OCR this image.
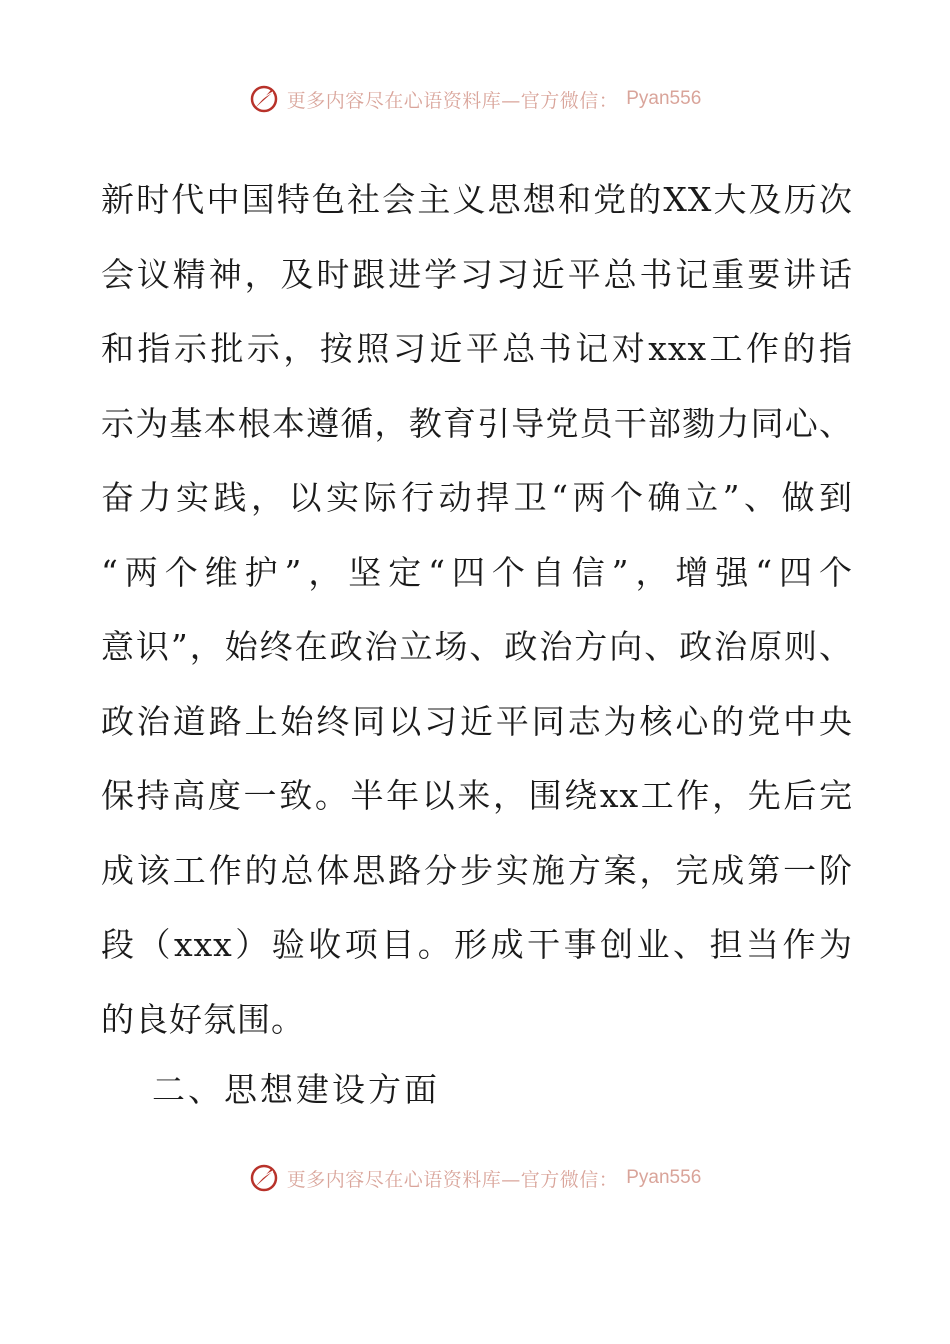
更多内容尽在心语资料库—官方微信： Pyan556
新时代中国特色社会主义思想和党的XX大及历次
会议精神，及时跟进学习习近平总书记重要讲话
和指示批示，按照习近平总书记对xxx工作的指
示为基本根本遵循，教育引导党员干部勠力同心、
奋力实践，以实际行动捍卫“两个确立”、做到
“两个维护”，坚定“四个自信”，增强“四个
意识”，始终在政治立场、政治方向、政治原则、
政治道路上始终同以习近平同志为核心的党中央
保持高度一致。半年以来，围绕xx工作，先后完
成该工作的总体思路分步实施方案，完成第一阶
段（xxx）验收项目。形成干事创业、担当作为
的良好氛围。
二、思想建设方面
更多内容尽在心语资料库—官方微信： Pyan556
